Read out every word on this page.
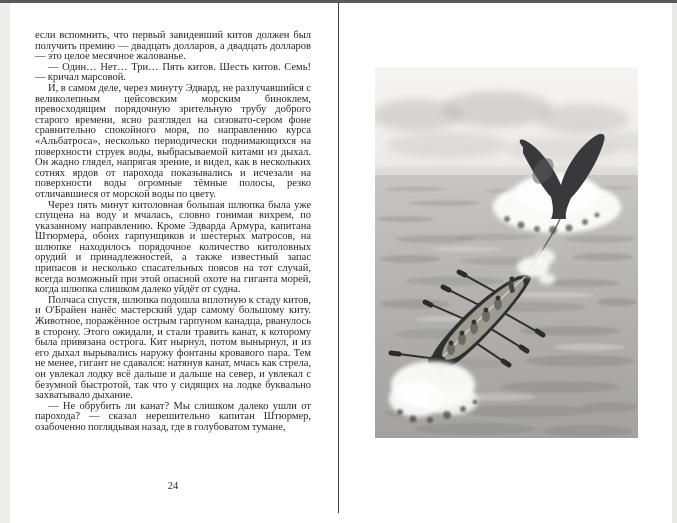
если вспомнить, что первый завидевший китов должен был получить премию — двадцать долларов, а двадцать долларов — это целое месячное жалованье.

— Один… Нет… Три… Пять китов. Шесть китов. Семь! — кричал марсовой.

И, в самом деле, через минуту Эдвард, не разлучавшийся с великолепным цейсовским морским биноклем, превосходящим порядочную зрительную трубу доброго старого времени, ясно разглядел на сизовато-сером фоне сравнительно спокойного моря, по направлению курса «Альбатроса», несколько периодически поднимающихся на поверхности струек воды, выбрасываемой китами из дыхал. Он жадно глядел, напрягая зрение, и видел, как в нескольких сотнях ярдов от парохода показывались и исчезали на поверхности воды огромные тёмные полосы, резко отличавшиеся от морской воды по цвету.

Через пять минут китоловная большая шлюпка была уже спущена на воду и мчалась, словно гонимая вихрем, по указанному направлению. Кроме Эдварда Армура, капитана Штюрмера, обоих гарпунщиков и шестерых матросов, на шлюпке находилось порядочное количество китоловных орудий и принадлежностей, а также известный запас припасов и несколько спасательных поясов на тот случай, всегда возможный при этой опасной охоте на гиганта морей, когда шлюпка слишком далеко уйдёт от судна.

Полчаса спустя, шлюпка подошла вплотную к стаду китов, и О'Брайен нанёс мастерский удар самому большому киту. Животное, поражённое острым гарпуном канадца, рванулось в сторону. Этого ожидали, и стали травить канат, к которому была привязана острога. Кит нырнул, потом вынырнул, и из его дыхал вырывались наружу фонтаны кровавого пара. Тем не менее, гигант не сдавался: натянув канат, мчась как стрела, он увлекал лодку всё дальше и дальше на север, и увлекал с безумной быстротой, так что у сидящих на лодке буквально захватывало дыхание.

— Не обрубить ли канат? Мы слишком далеко ушли от парохода? — сказал нерешительно капитан Штюрмер, озабоченно поглядывая назад, где в голубоватом тумане,

24
